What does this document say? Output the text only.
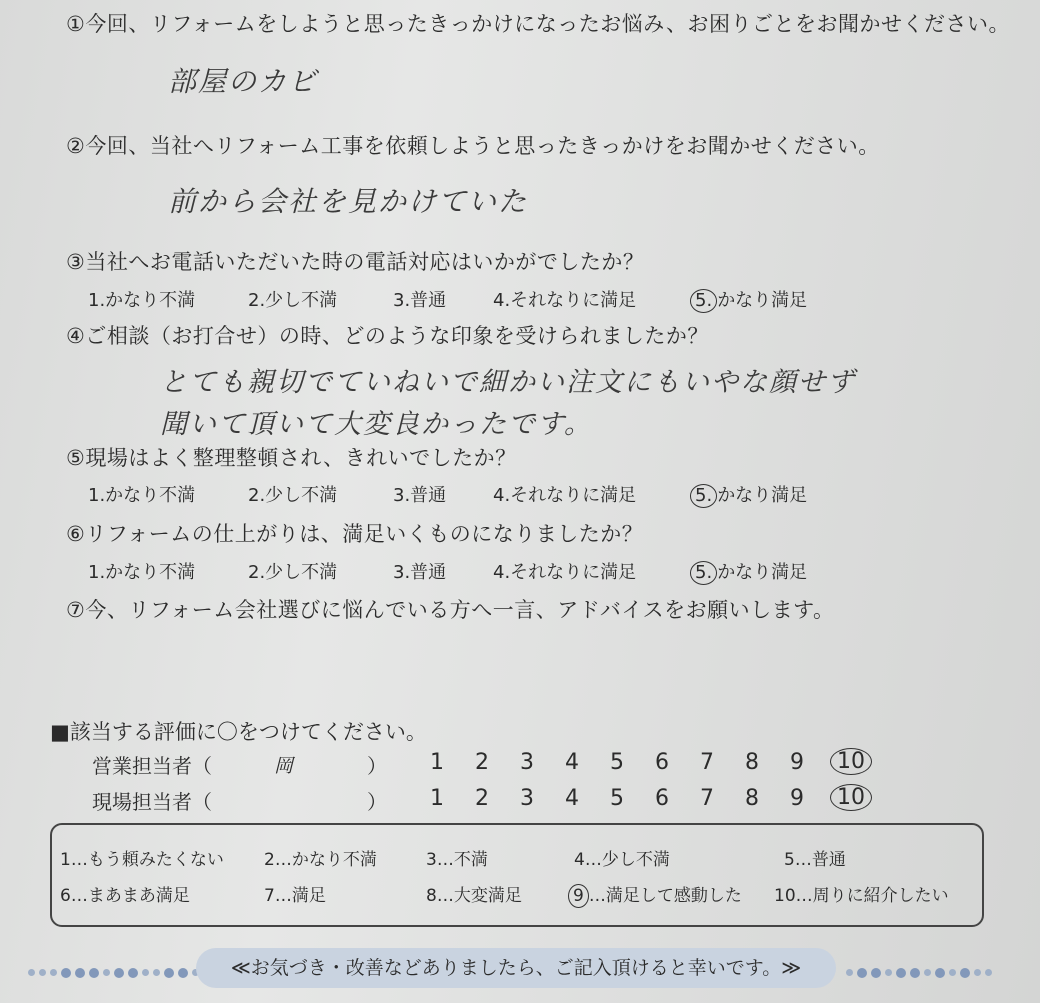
①今回、リフォームをしようと思ったきっかけになったお悩み、お困りごとをお聞かせください。
部屋のカビ
②今回、当社へリフォーム工事を依頼しようと思ったきっかけをお聞かせください。
前から会社を見かけていた
③当社へお電話いただいた時の電話対応はいかがでしたか？
1.かなり不満	2.少し不満	3.普通	4.それなりに満足	5. かなり満足
④ご相談（お打合せ）の時、どのような印象を受けられましたか？
とても親切でていねいで細かい注文にもいやな顔せず
聞いて頂いて大変良かったです。
⑤現場はよく整理整頓され、きれいでしたか？
1.かなり不満	2.少し不満	3.普通	4.それなりに満足	5. かなり満足
⑥リフォームの仕上がりは、満足いくものになりましたか？
1.かなり不満	2.少し不満	3.普通	4.それなりに満足	5. かなり満足
⑦今、リフォーム会社選びに悩んでいる方へ一言、アドバイスをお願いします。
■該当する評価に〇をつけてください。
営業担当者（	岡	） 1 2 3 4 5 6 7 8 9	10
現場担当者（	） 1 2 3 4 5 6 7 8 9	10
1…もう頼みたくない 2…かなり不満	3…不満	4…少し不満	5…普通
6…まあまあ満足	7…満足	8…大変満足	9 …満足して感動した 10…周りに紹介したい
≪お気づき・改善などありましたら、ご記入頂けると幸いです。≫
